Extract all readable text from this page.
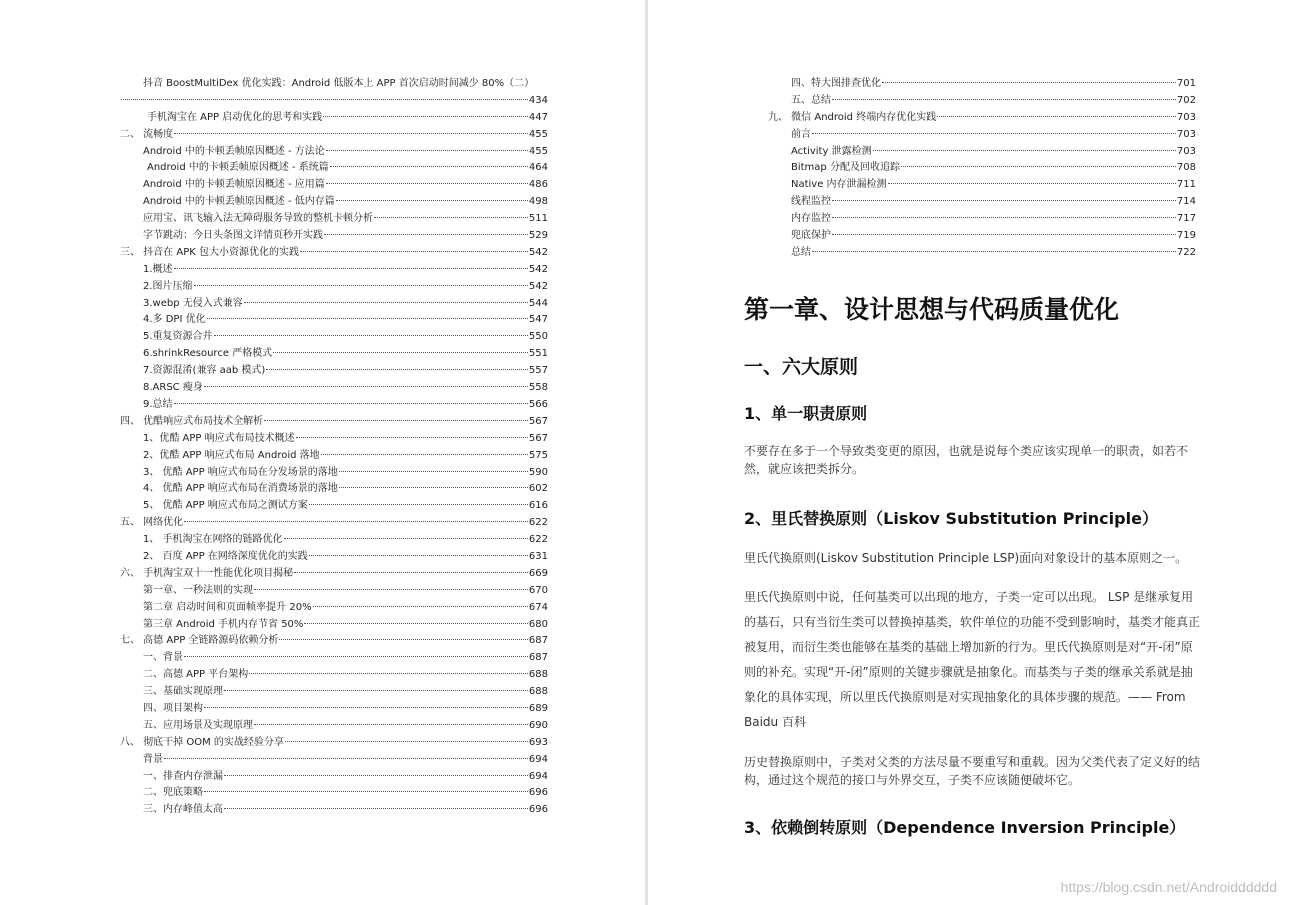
抖音 BoostMultiDex 优化实践：Android 低版本上 APP 首次启动时间减少 80%（二）
434
手机淘宝在 APP 启动优化的思考和实践	447
二、 流畅度	455
Android 中的卡顿丢帧原因概述 - 方法论	455
Android 中的卡顿丢帧原因概述 - 系统篇	464
Android 中的卡顿丢帧原因概述 - 应用篇	486
Android 中的卡顿丢帧原因概述 - 低内存篇	498
应用宝、讯飞输入法无障碍服务导致的整机卡顿分析	511
字节跳动：今日头条图文详情页秒开实践	529
三、 抖音在 APK 包大小资源优化的实践	542
1.概述	542
2.图片压缩	542
3.webp 无侵入式兼容	544
4.多 DPI 优化	547
5.重复资源合并	550
6.shrinkResource 严格模式	551
7.资源混淆(兼容 aab 模式)	557
8.ARSC 瘦身	558
9.总结	566
四、 优酷响应式布局技术全解析	567
1、优酷 APP 响应式布局技术概述	567
2、优酷 APP 响应式布局 Android 落地	575
3、 优酷 APP 响应式布局在分发场景的落地	590
4、 优酷 APP 响应式布局在消费场景的落地	602
5、 优酷 APP 响应式布局之测试方案	616
五、 网络优化	622
1、 手机淘宝在网络的链路优化	622
2、 百度 APP 在网络深度优化的实践	631
六、 手机淘宝双十一性能优化项目揭秘	669
第一章、一秒法则的实现	670
第二章 启动时间和页面帧率提升 20%	674
第三章 Android 手机内存节省 50%	680
七、 高德 APP 全链路源码依赖分析	687
一、背景	687
二、高德 APP 平台架构	688
三、基础实现原理	688
四、项目架构	689
五、应用场景及实现原理	690
八、 彻底干掉 OOM 的实战经验分享	693
背景	694
一、排查内存泄漏	694
二、兜底策略	696
三、内存峰值太高	696
四、特大图排查优化	701
五、总结	702
九、 微信 Android 终端内存优化实践	703
前言	703
Activity 泄露检测	703
Bitmap 分配及回收追踪	708
Native 内存泄漏检测	711
线程监控	714
内存监控	717
兜底保护	719
总结	722
第一章、设计思想与代码质量优化
一、六大原则
1、单一职责原则

不要存在多于一个导致类变更的原因，也就是说每个类应该实现单一的职责，如若不然，就应该把类拆分。

2、里氏替换原则（Liskov Substitution Principle）

里氏代换原则(Liskov Substitution Principle LSP)面向对象设计的基本原则之一。

里氏代换原则中说，任何基类可以出现的地方，子类一定可以出现。 LSP 是继承复用的基石，只有当衍生类可以替换掉基类，软件单位的功能不受到影响时，基类才能真正被复用，而衍生类也能够在基类的基础上增加新的行为。里氏代换原则是对“开-闭”原则的补充。实现“开-闭”原则的关键步骤就是抽象化。而基类与子类的继承关系就是抽象化的具体实现，所以里氏代换原则是对实现抽象化的具体步骤的规范。—— From Baidu 百科

历史替换原则中，子类对父类的方法尽量不要重写和重载。因为父类代表了定义好的结构，通过这个规范的接口与外界交互，子类不应该随便破坏它。

3、依赖倒转原则（Dependence Inversion Principle）
https://blog.csdn.net/Androidddddd
